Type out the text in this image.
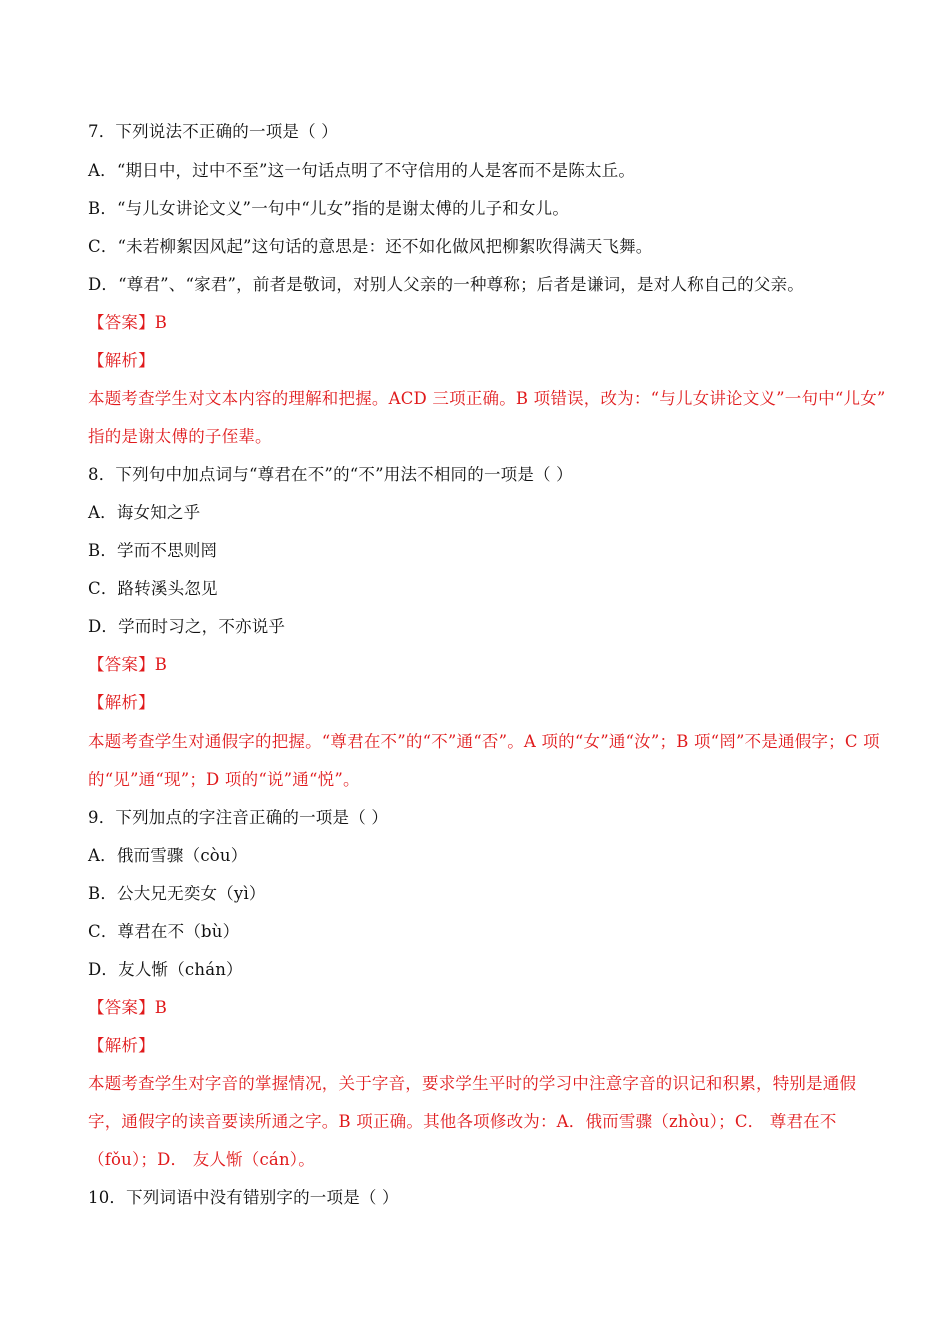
7．下列说法不正确的一项是（ ）
A．“期日中，过中不至”这一句话点明了不守信用的人是客而不是陈太丘。
B．“与儿女讲论文义”一句中“儿女”指的是谢太傅的儿子和女儿。
C．“未若柳絮因风起”这句话的意思是：还不如化做风把柳絮吹得满天飞舞。
D．“尊君”、“家君”，前者是敬词，对别人父亲的一种尊称；后者是谦词，是对人称自己的父亲。
【答案】B
【解析】
本题考查学生对文本内容的理解和把握。ACD 三项正确。B 项错误，改为：“与儿女讲论文义”一句中“儿女”
指的是谢太傅的子侄辈。
8．下列句中加点词与“尊君在不”的“不”用法不相同的一项是（ ）
A．诲女知之乎
B．学而不思则罔
C．路转溪头忽见
D．学而时习之，不亦说乎
【答案】B
【解析】
本题考查学生对通假字的把握。“尊君在不”的“不”通“否”。A 项的“女”通“汝”；B 项“罔”不是通假字；C 项
的“见”通“现”；D 项的“说”通“悦”。
9．下列加点的字注音正确的一项是（ ）
A．俄而雪骤（còu）
B．公大兄无奕女（yì）
C．尊君在不（bù）
D．友人惭（chán）
【答案】B
【解析】
本题考查学生对字音的掌握情况，关于字音，要求学生平时的学习中注意字音的识记和积累，特别是通假
字，通假字的读音要读所通之字。B 项正确。其他各项修改为：A．俄而雪骤（zhòu）；C． 尊君在不
（fǒu）；D． 友人惭（cán）。
10．下列词语中没有错别字的一项是（ ）
